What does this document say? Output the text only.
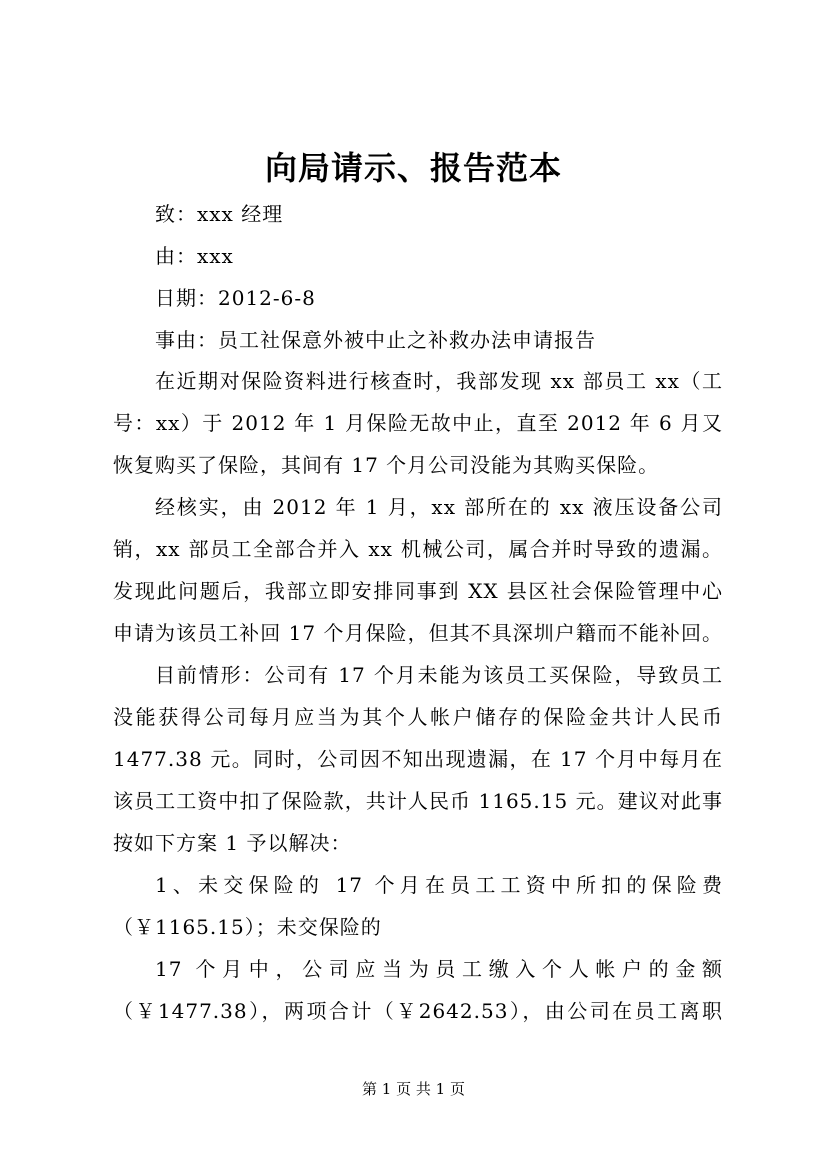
向局请示、报告范本
致：xxx 经理
由：xxx
日期：2012-6-8
事由：员工社保意外被中止之补救办法申请报告
在近期对保险资料进行核查时，我部发现 xx 部员工 xx（工
号：xx）于 2012 年 1 月保险无故中止，直至 2012 年 6 月又
恢复购买了保险，其间有 17 个月公司没能为其购买保险。
经核实，由 2012 年 1 月，xx 部所在的 xx 液压设备公司
销，xx 部员工全部合并入 xx 机械公司，属合并时导致的遗漏。
发现此问题后，我部立即安排同事到 XX 县区社会保险管理中心
申请为该员工补回 17 个月保险，但其不具深圳户籍而不能补回。
目前情形：公司有 17 个月未能为该员工买保险，导致员工
没能获得公司每月应当为其个人帐户储存的保险金共计人民币
1477.38 元。同时，公司因不知出现遗漏，在 17 个月中每月在
该员工工资中扣了保险款，共计人民币 1165.15 元。建议对此事
按如下方案 1 予以解决：
1、未交保险的 17 个月在员工工资中所扣的保险费
（￥1165.15）；未交保险的
17 个月中，公司应当为员工缴入个人帐户的金额
（￥1477.38），两项合计（￥2642.53），由公司在员工离职
第 1 页 共 1 页
